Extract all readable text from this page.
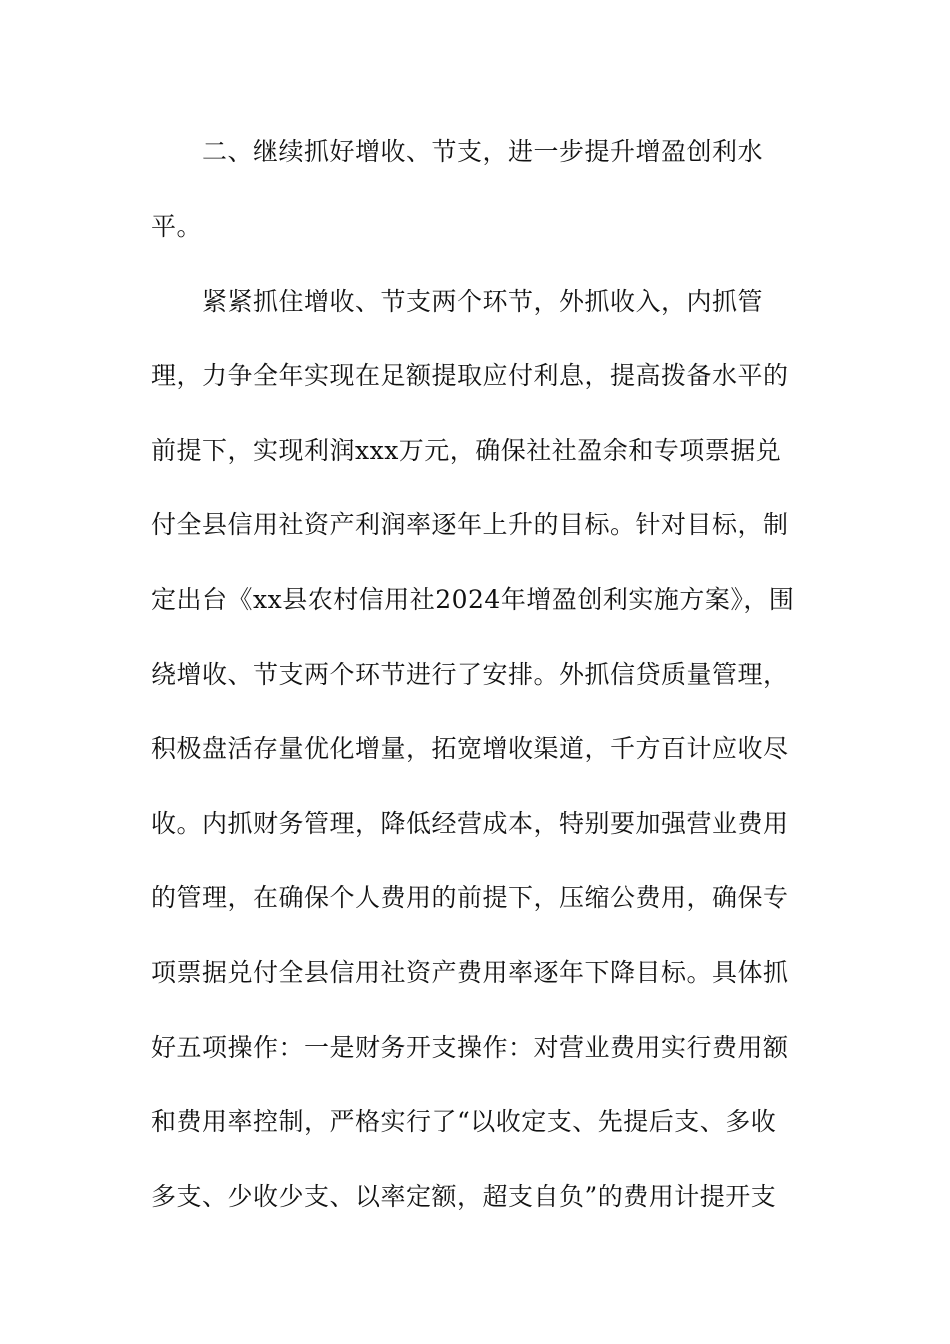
二、继续抓好增收、节支，进一步提升增盈创利水
平。
紧紧抓住增收、节支两个环节，外抓收入，内抓管
理，力争全年实现在足额提取应付利息，提高拨备水平的
前提下，实现利润xxx万元，确保社社盈余和专项票据兑
付全县信用社资产利润率逐年上升的目标。针对目标，制
定出台《xx县农村信用社2024年增盈创利实施方案》，围
绕增收、节支两个环节进行了安排。外抓信贷质量管理，
积极盘活存量优化增量，拓宽增收渠道，千方百计应收尽
收。内抓财务管理，降低经营成本，特别要加强营业费用
的管理，在确保个人费用的前提下，压缩公费用，确保专
项票据兑付全县信用社资产费用率逐年下降目标。具体抓
好五项操作：一是财务开支操作：对营业费用实行费用额
和费用率控制，严格实行了“以收定支、先提后支、多收
多支、少收少支、以率定额，超支自负”的费用计提开支
